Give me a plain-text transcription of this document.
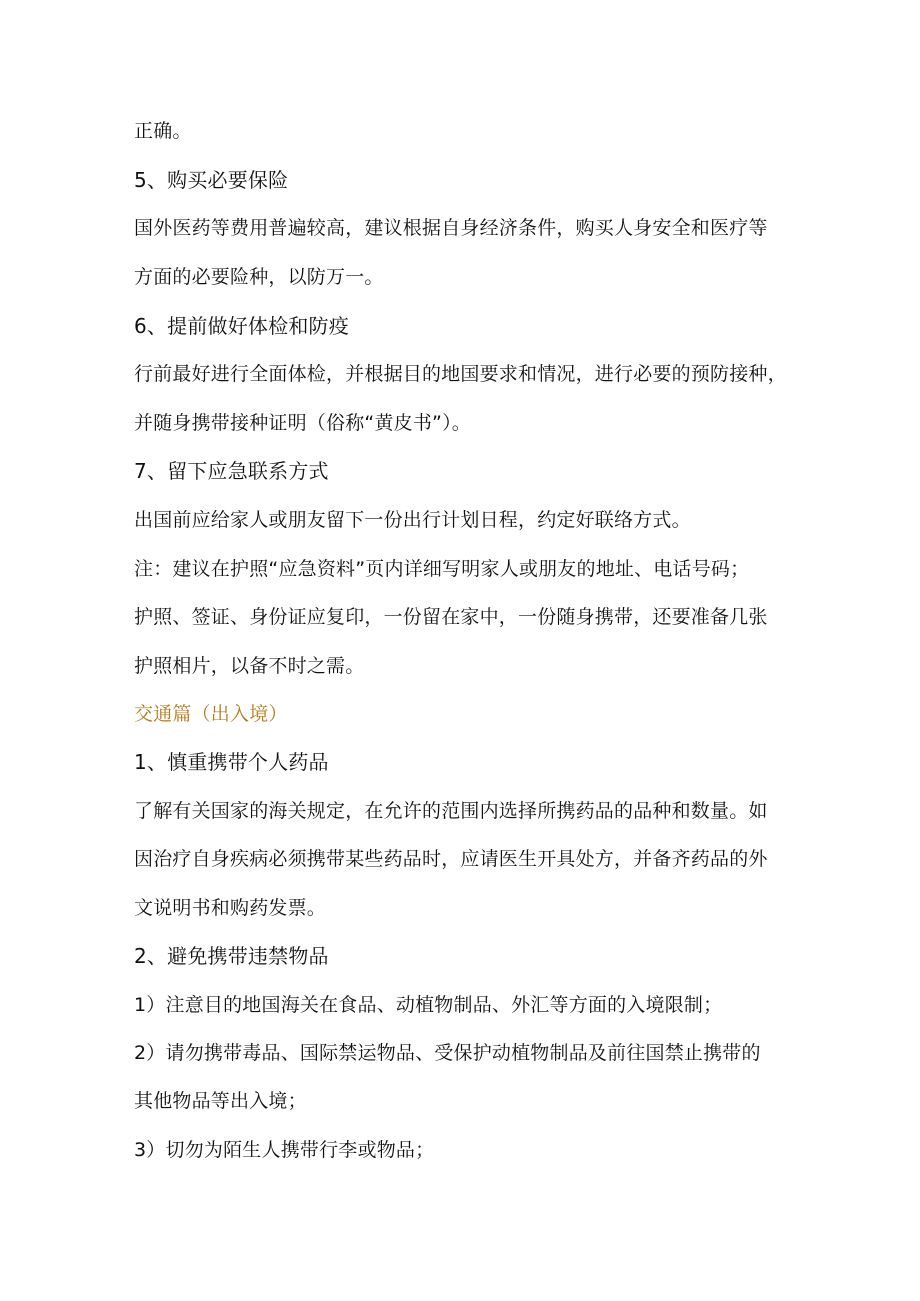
正确。
5、购买必要保险
国外医药等费用普遍较高，建议根据自身经济条件，购买人身安全和医疗等
方面的必要险种，以防万一。
6、提前做好体检和防疫
行前最好进行全面体检，并根据目的地国要求和情况，进行必要的预防接种，
并随身携带接种证明（俗称“黄皮书”）。
7、留下应急联系方式
出国前应给家人或朋友留下一份出行计划日程，约定好联络方式。
注：建议在护照“应急资料”页内详细写明家人或朋友的地址、电话号码；
护照、签证、身份证应复印，一份留在家中，一份随身携带，还要准备几张
护照相片，以备不时之需。
交通篇（出入境）
1、慎重携带个人药品
了解有关国家的海关规定，在允许的范围内选择所携药品的品种和数量。如
因治疗自身疾病必须携带某些药品时，应请医生开具处方，并备齐药品的外
文说明书和购药发票。
2、避免携带违禁物品
1）注意目的地国海关在食品、动植物制品、外汇等方面的入境限制；
2）请勿携带毒品、国际禁运物品、受保护动植物制品及前往国禁止携带的
其他物品等出入境；
3）切勿为陌生人携带行李或物品；
